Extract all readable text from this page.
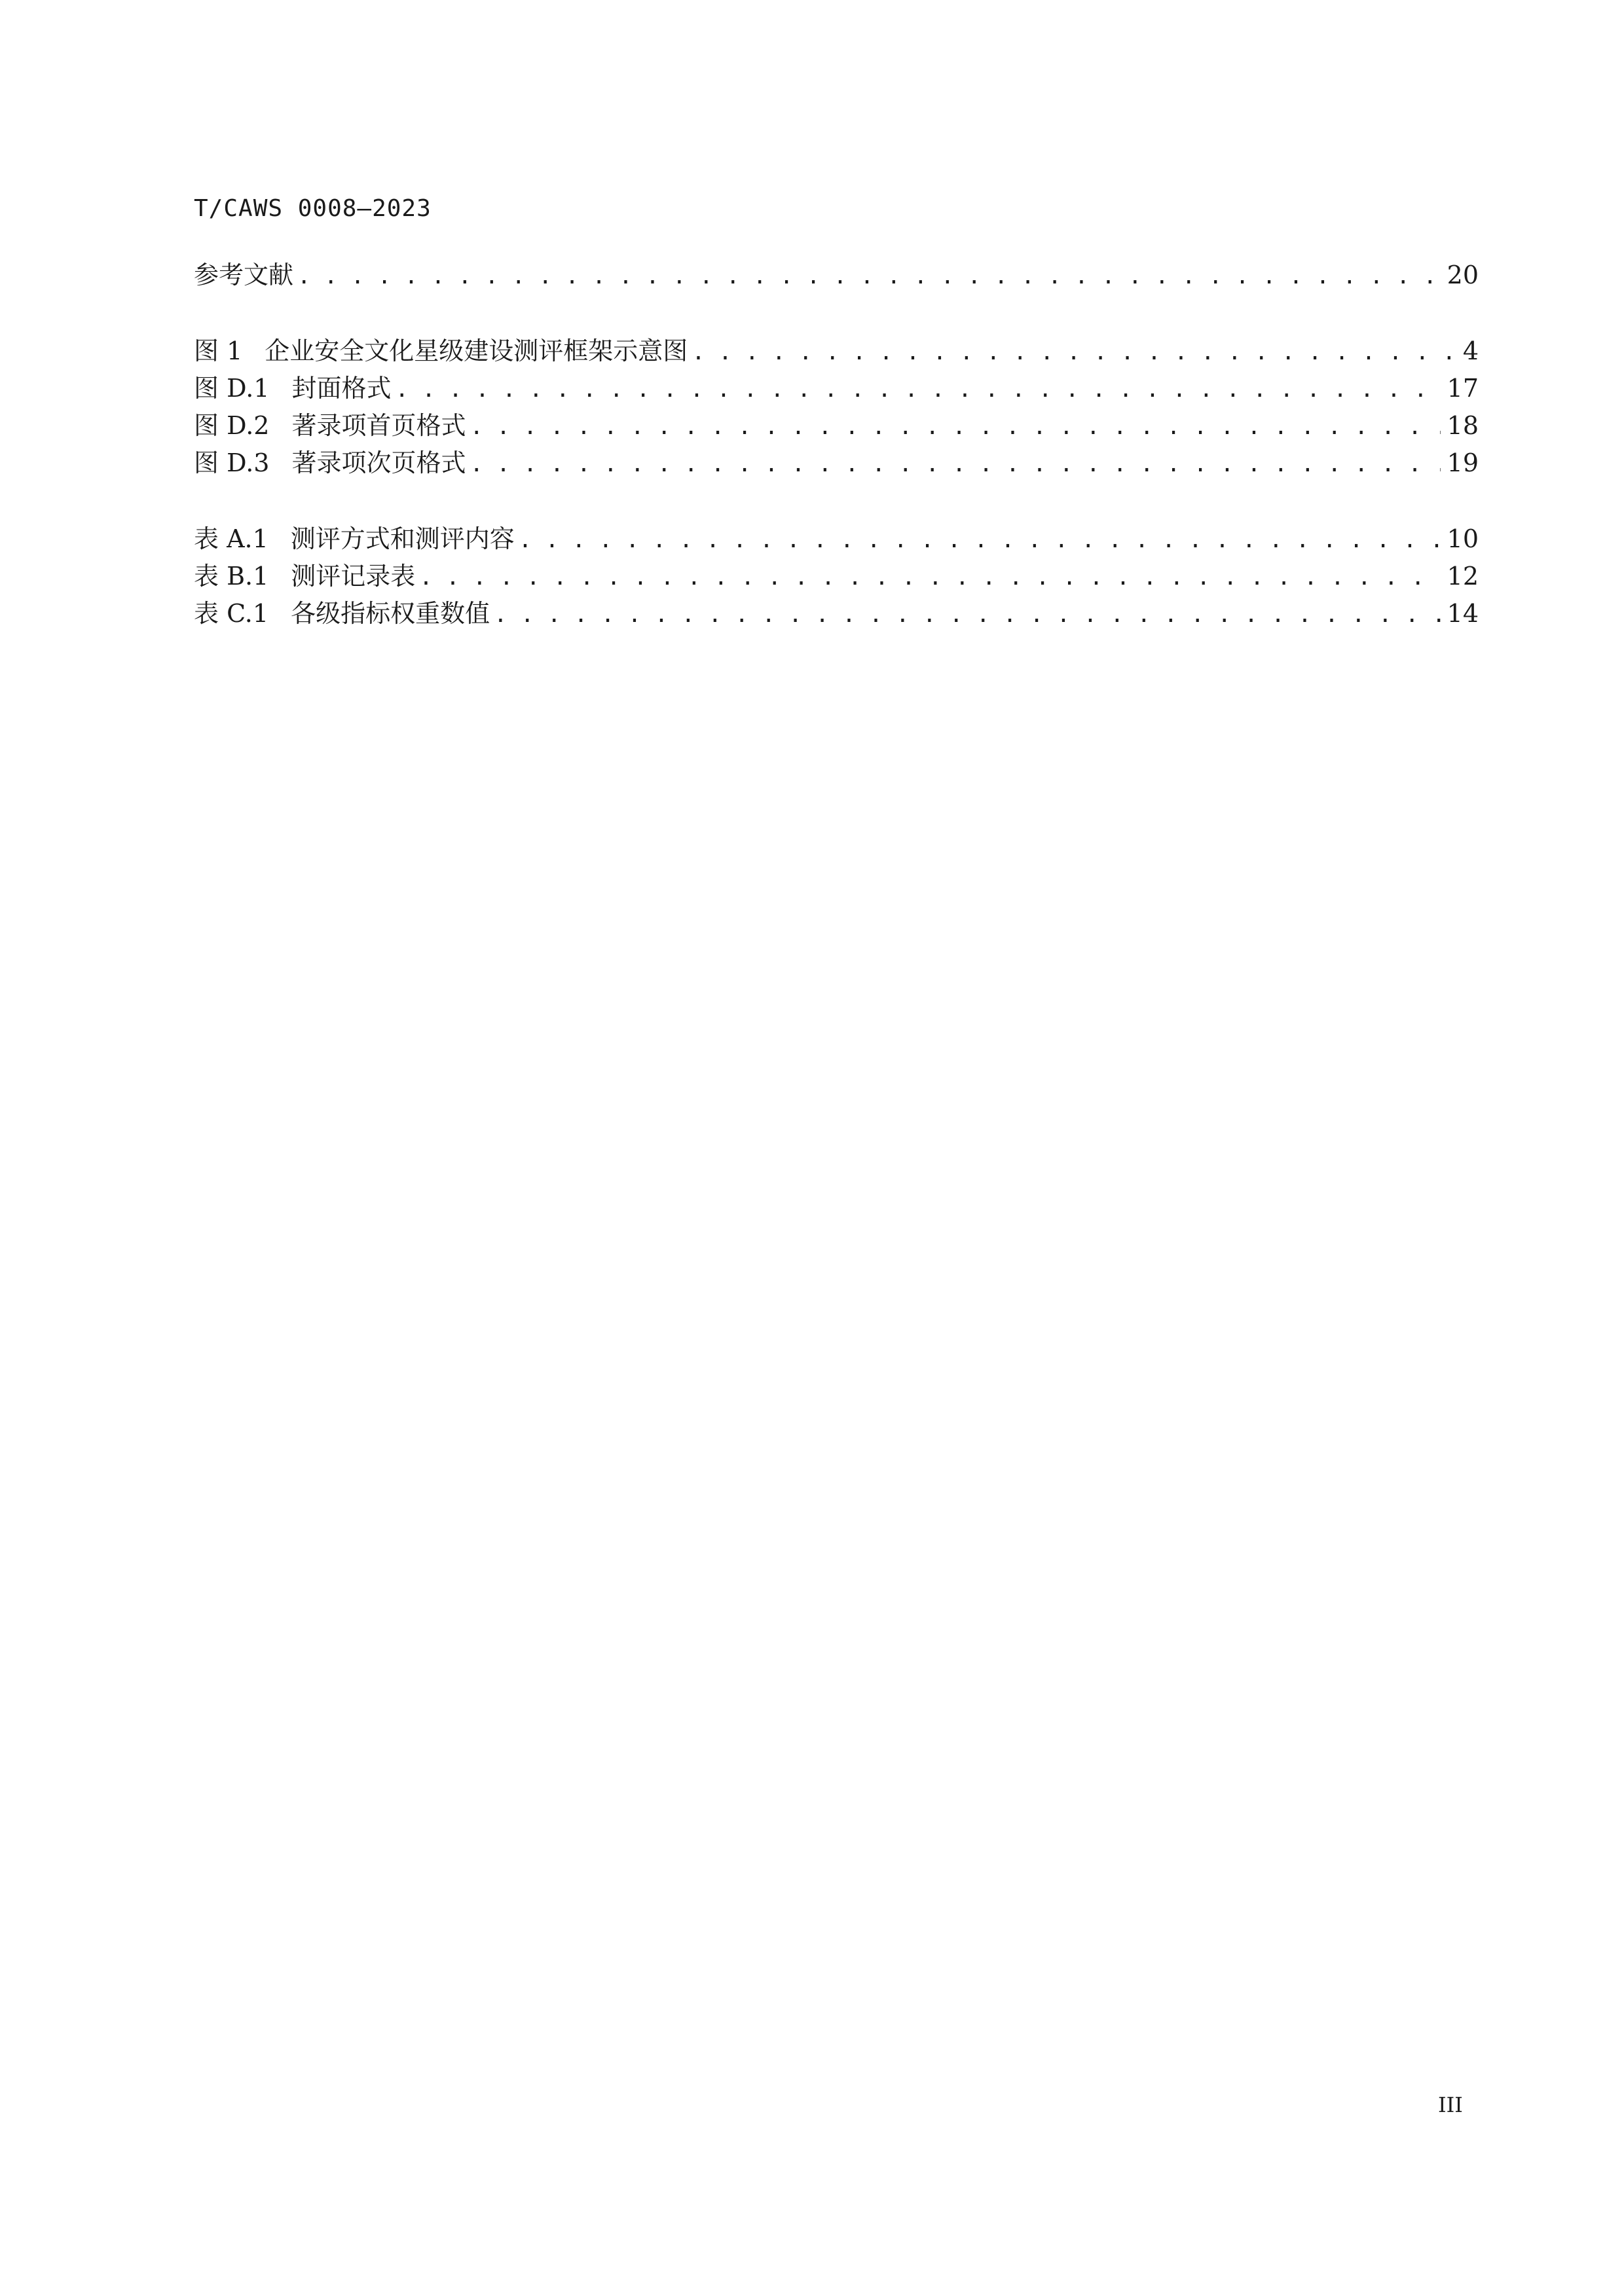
T/CAWS 0008—2023
参考文献 . . .	20
图 1 企业安全文化星级建设测评框架示意图 . . .	4
图 D.1 封面格式 . . .	17
图 D.2 著录项首页格式 . . .	18
图 D.3 著录项次页格式 . . .	19
表 A.1 测评方式和测评内容 . . .	10
表 B.1 测评记录表 . . .	12
表 C.1 各级指标权重数值 . . .	14
III
